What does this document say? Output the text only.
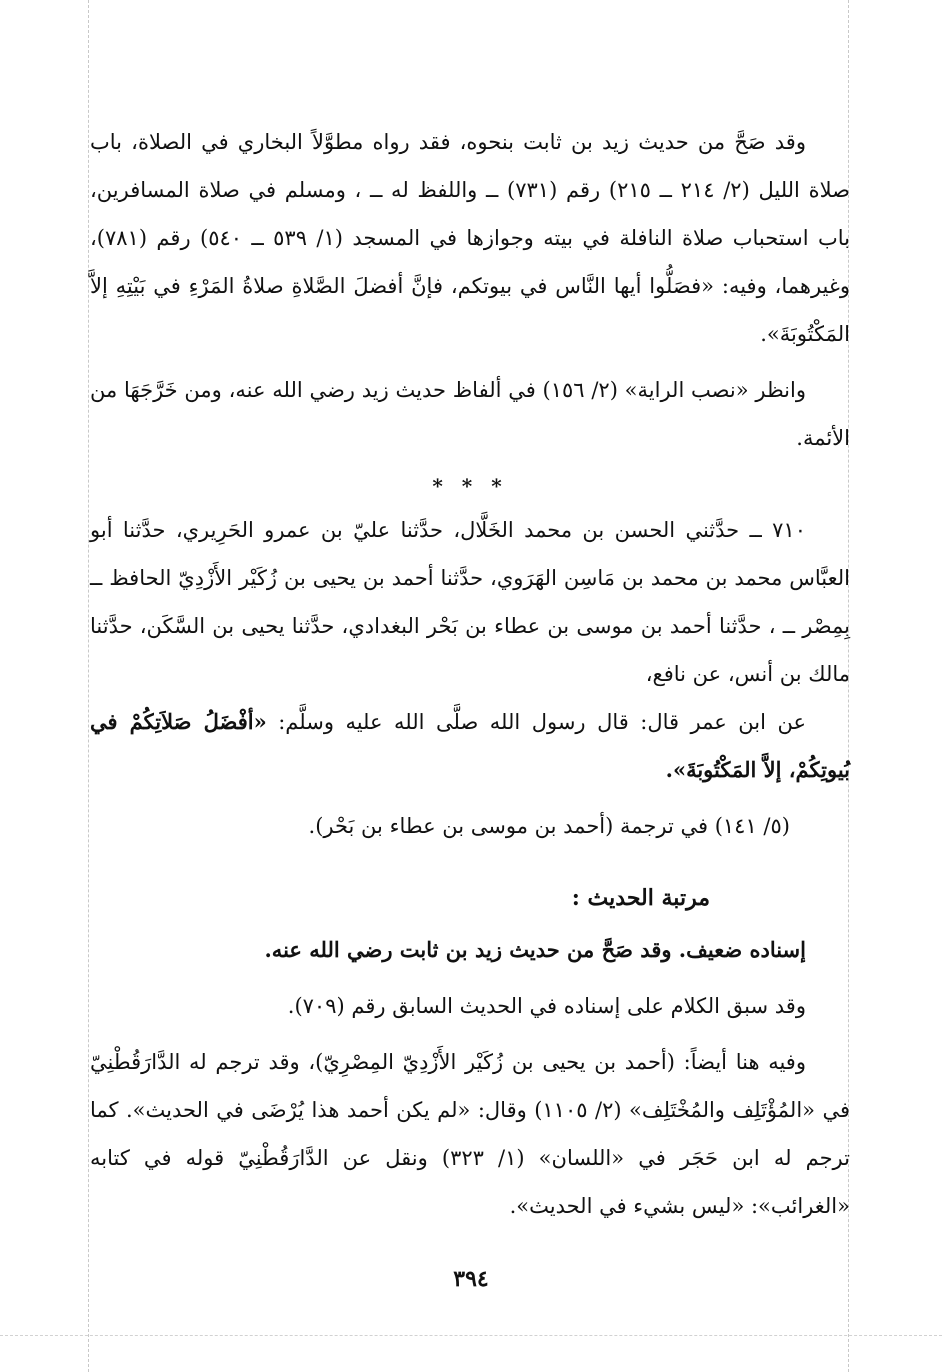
وقد صَحَّ من حديث زيد بن ثابت بنحوه، فقد رواه مطوَّلاً البخاري في الصلاة، باب صلاة الليل (٢/ ٢١٤ ــ ٢١٥) رقم (٧٣١) ــ واللفظ له ــ ، ومسلم في صلاة المسافرين، باب استحباب صلاة النافلة في بيته وجوازها في المسجد (١/ ٥٣٩ ــ ٥٤٠) رقم (٧٨١)، وغيرهما، وفيه: «فصَلُّوا أيها النَّاس في بيوتكم، فإنَّ أفضلَ الصَّلاةِ صلاةُ المَرْءِ في بَيْتِهِ إلاَّ المَكْتُوبَةَ».

وانظر «نصب الراية» (٢/ ١٥٦) في ألفاظ حديث زيد رضي الله عنه، ومن خَرَّجَهَا من الأئمة.

* * *

٧١٠ ــ حدَّثني الحسن بن محمد الخَلَّال، حدَّثنا عليّ بن عمرو الحَرِيري، حدَّثنا أبو العبَّاس محمد بن محمد بن مَاسِن الهَرَوي، حدَّثنا أحمد بن يحيى بن زُكَيْر الأَزْدِيّ الحافظ ــ بِمِصْر ــ ، حدَّثنا أحمد بن موسى بن عطاء بن بَحْر البغدادي، حدَّثنا يحيى بن السَّكَن، حدَّثنا مالك بن أنس، عن نافع،

عن ابن عمر قال: قال رسول الله صلَّى الله عليه وسلَّم: «أفْضَلُ صَلاَتِكُمْ في بُيوتِكُمْ، إلاَّ المَكْتُوبَةَ».

(٥/ ١٤١) في ترجمة (أحمد بن موسى بن عطاء بن بَحْر).

مرتبة الحديث :

إسناده ضعيف. وقد صَحَّ من حديث زيد بن ثابت رضي الله عنه.

وقد سبق الكلام على إسناده في الحديث السابق رقم (٧٠٩).

وفيه هنا أيضاً: (أحمد بن يحيى بن زُكَيْر الأَزْدِيّ المِصْرِيّ)، وقد ترجم له الدَّارَقُطْنِيّ في «المُؤْتَلِف والمُخْتَلِف» (٢/ ١١٠٥) وقال: «لم يكن أحمد هذا يُرْضَى في الحديث». كما ترجم له ابن حَجَر في «اللسان» (١/ ٣٢٣) ونقل عن الدَّارَقُطْنِيّ قوله في كتابه «الغرائب»: «ليس بشيء في الحديث».

٣٩٤
